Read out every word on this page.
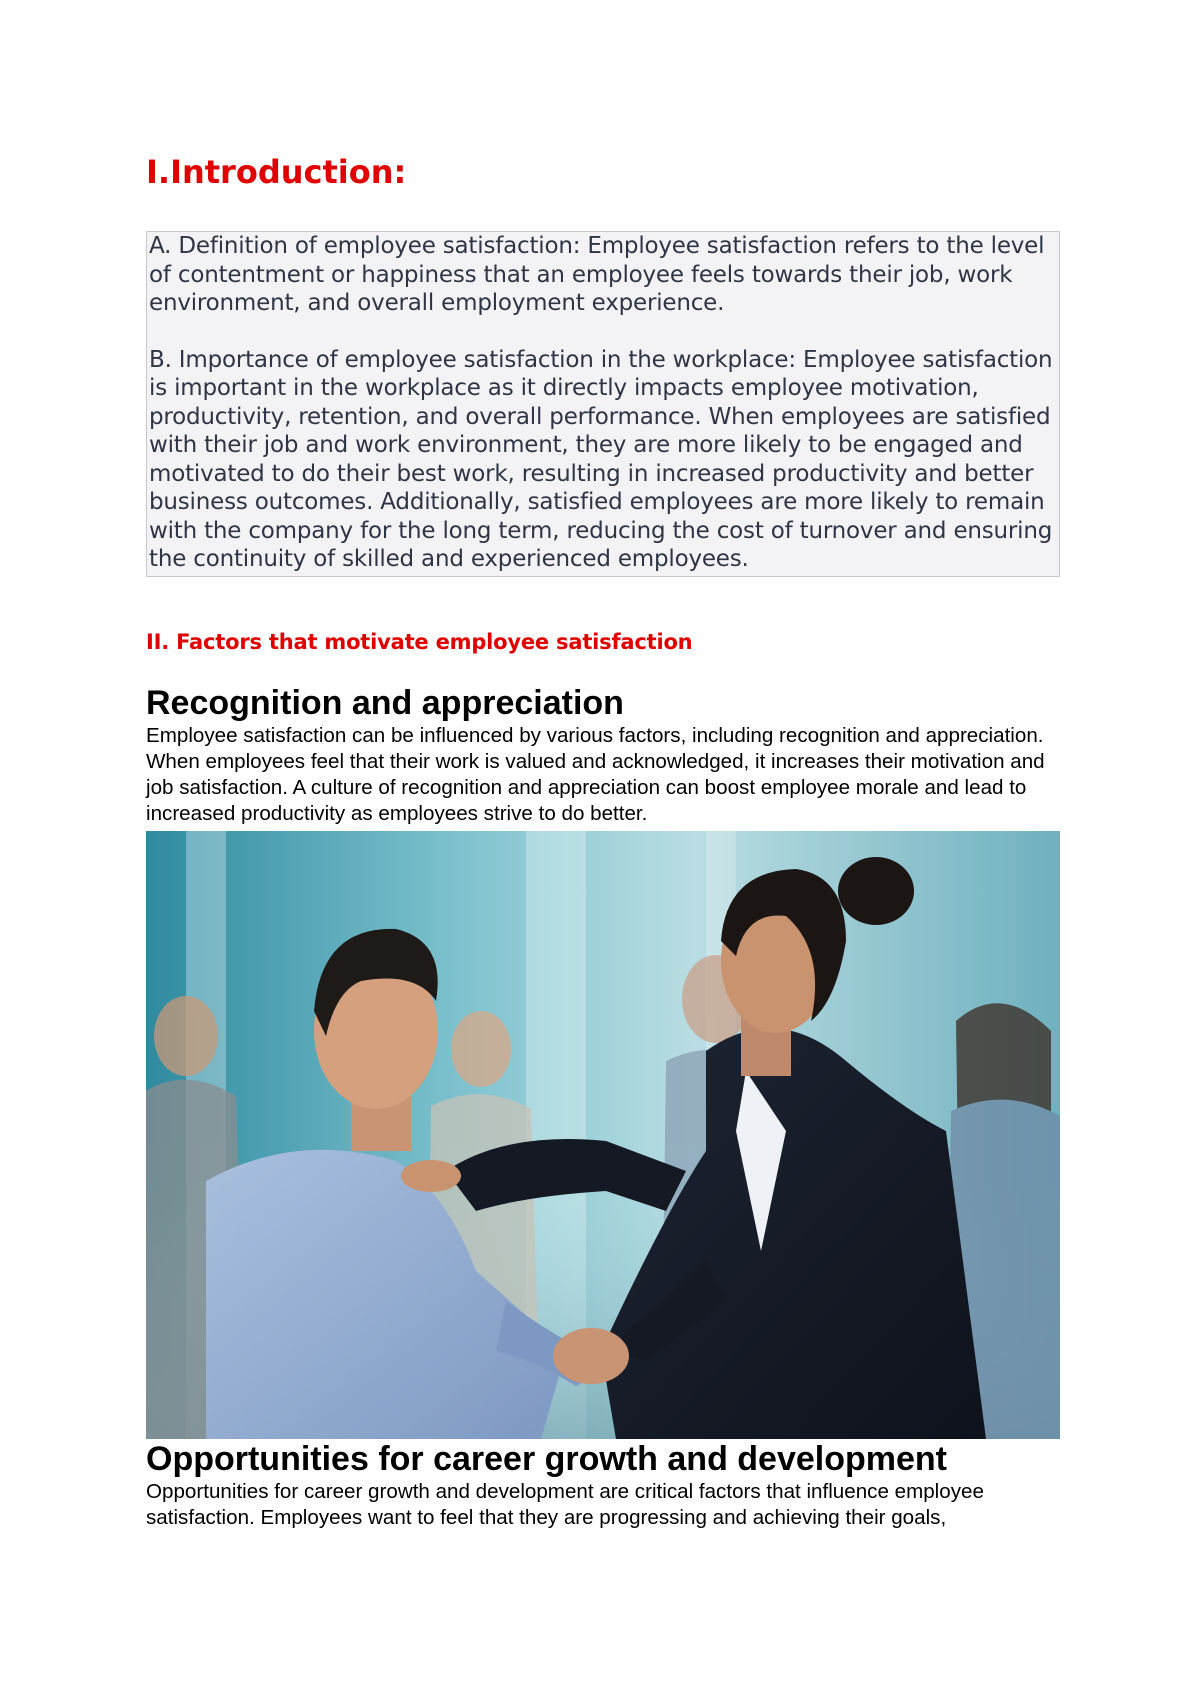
I.Introduction:

A. Definition of employee satisfaction: Employee satisfaction refers to the level of contentment or happiness that an employee feels towards their job, work environment, and overall employment experience.

B. Importance of employee satisfaction in the workplace: Employee satisfaction is important in the workplace as it directly impacts employee motivation, productivity, retention, and overall performance. When employees are satisfied with their job and work environment, they are more likely to be engaged and motivated to do their best work, resulting in increased productivity and better business outcomes. Additionally, satisfied employees are more likely to remain with the company for the long term, reducing the cost of turnover and ensuring the continuity of skilled and experienced employees.

II. Factors that motivate employee satisfaction
Recognition and appreciation

Employee satisfaction can be influenced by various factors, including recognition and appreciation. When employees feel that their work is valued and acknowledged, it increases their motivation and job satisfaction. A culture of recognition and appreciation can boost employee morale and lead to increased productivity as employees strive to do better.

Opportunities for career growth and development

Opportunities for career growth and development are critical factors that influence employee satisfaction. Employees want to feel that they are progressing and achieving their goals,
